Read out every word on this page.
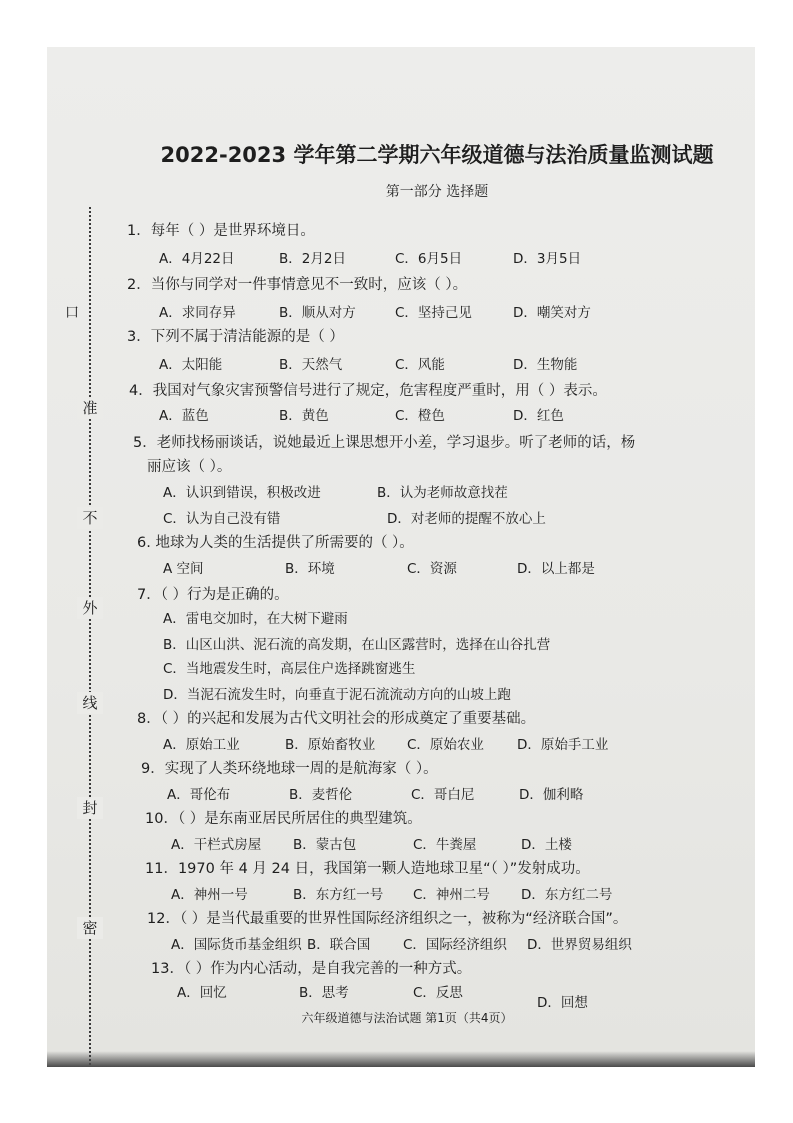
口
准
不
外
线
封
密
2022-2023 学年第二学期六年级道德与法治质量监测试题
第一部分 选择题
1．每年（ ）是世界环境日。
A．4月22日	B．2月2日	C．6月5日	D．3月5日
2．当你与同学对一件事情意见不一致时，应该（ ）。
A．求同存异	B．顺从对方	C．坚持己见	D．嘲笑对方
3．下列不属于清洁能源的是（ ）
A．太阳能	B．天然气	C．风能	D．生物能
4．我国对气象灾害预警信号进行了规定，危害程度严重时，用（ ）表示。
A．蓝色	B．黄色	C．橙色	D．红色
5．老师找杨丽谈话，说她最近上课思想开小差，学习退步。听了老师的话，杨
丽应该（ ）。
A．认识到错误，积极改进	B．认为老师故意找茬
C．认为自己没有错	D．对老师的提醒不放心上
6. 地球为人类的生活提供了所需要的（ ）。
A 空间	B．环境	C．资源	D．以上都是
7．（ ）行为是正确的。
A．雷电交加时，在大树下避雨
B．山区山洪、泥石流的高发期，在山区露营时，选择在山谷扎营
C．当地震发生时，高层住户选择跳窗逃生
D．当泥石流发生时，向垂直于泥石流流动方向的山坡上跑
8．（ ）的兴起和发展为古代文明社会的形成奠定了重要基础。
A．原始工业	B．原始畜牧业 C．原始农业 D．原始手工业
9．实现了人类环绕地球一周的是航海家（ ）。
A．哥伦布	B．麦哲伦	C．哥白尼	D．伽利略
10．（ ）是东南亚居民所居住的典型建筑。
A．干栏式房屋 B．蒙古包	C．牛粪屋	D．土楼
11．1970 年 4 月 24 日，我国第一颗人造地球卫星“（ ）”发射成功。
A．神州一号	B．东方红一号 C．神州二号 D．东方红二号
12．（ ）是当代最重要的世界性国际经济组织之一，被称为“经济联合国”。
A．国际货币基金组织 B．联合国 C．国际经济组织 D．世界贸易组织
13．（ ）作为内心活动，是自我完善的一种方式。
A．回忆	B．思考	C．反思
D．回想
六年级道德与法治试题 第1页（共4页）
